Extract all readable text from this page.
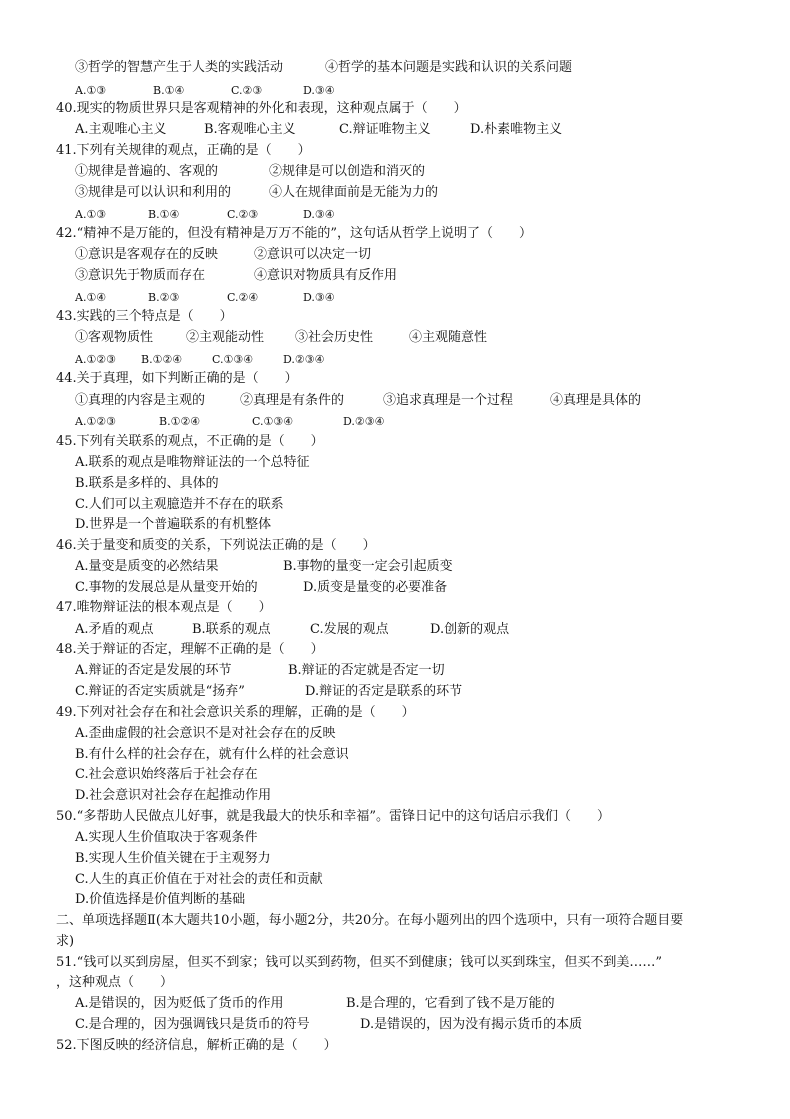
③哲学的智慧产生于人类的实践活动	④哲学的基本问题是实践和认识的关系问题
A.①③	B.①④	C.②③	D.③④
40.现实的物质世界只是客观精神的外化和表现，这种观点属于（　　）
A.主观唯心主义	B.客观唯心主义	C.辩证唯物主义	D.朴素唯物主义
41.下列有关规律的观点，正确的是（　　）
①规律是普遍的、客观的	②规律是可以创造和消灭的
③规律是可以认识和利用的	④人在规律面前是无能为力的
A.①③	B.①④	C.②③	D.③④
42.“精神不是万能的，但没有精神是万万不能的”，这句话从哲学上说明了（　　）
①意识是客观存在的反映	②意识可以决定一切
③意识先于物质而存在	④意识对物质具有反作用
A.①④	B.②③	C.②④	D.③④
43.实践的三个特点是（　　）
①客观物质性	②主观能动性 ③社会历史性	④主观随意性
A.①②③ B.①②④	C.①③④	D.②③④
44.关于真理，如下判断正确的是（　　）
①真理的内容是主观的	②真理是有条件的	③追求真理是一个过程	④真理是具体的
A.①②③	B.①②④	C.①③④	D.②③④
45.下列有关联系的观点，不正确的是（　　）
A.联系的观点是唯物辩证法的一个总特征
B.联系是多样的、具体的
C.人们可以主观臆造并不存在的联系
D.世界是一个普遍联系的有机整体
46.关于量变和质变的关系，下列说法正确的是（　　）
A.量变是质变的必然结果	B.事物的量变一定会引起质变
C.事物的发展总是从量变开始的	D.质变是量变的必要准备
47.唯物辩证法的根本观点是（　　）
A.矛盾的观点	B.联系的观点	C.发展的观点	D.创新的观点
48.关于辩证的否定，理解不正确的是（　　）
A.辩证的否定是发展的环节	B.辩证的否定就是否定一切
C.辩证的否定实质就是“扬弃”	D.辩证的否定是联系的环节
49.下列对社会存在和社会意识关系的理解，正确的是（　　）
A.歪曲虚假的社会意识不是对社会存在的反映
B.有什么样的社会存在，就有什么样的社会意识
C.社会意识始终落后于社会存在
D.社会意识对社会存在起推动作用
50.“多帮助人民做点儿好事，就是我最大的快乐和幸福”。雷锋日记中的这句话启示我们（　　）
A.实现人生价值取决于客观条件
B.实现人生价值关键在于主观努力
C.人生的真正价值在于对社会的责任和贡献
D.价值选择是价值判断的基础
二、单项选择题Ⅱ(本大题共10小题，每小题2分，共20分。在每小题列出的四个选项中，只有一项符合题目要
求)
51.“钱可以买到房屋，但买不到家；钱可以买到药物，但买不到健康；钱可以买到珠宝，但买不到美……”
，这种观点（　　）
A.是错误的，因为贬低了货币的作用	B.是合理的，它看到了钱不是万能的
C.是合理的，因为强调钱只是货币的符号	D.是错误的，因为没有揭示货币的本质
52.下图反映的经济信息，解析正确的是（　　）
